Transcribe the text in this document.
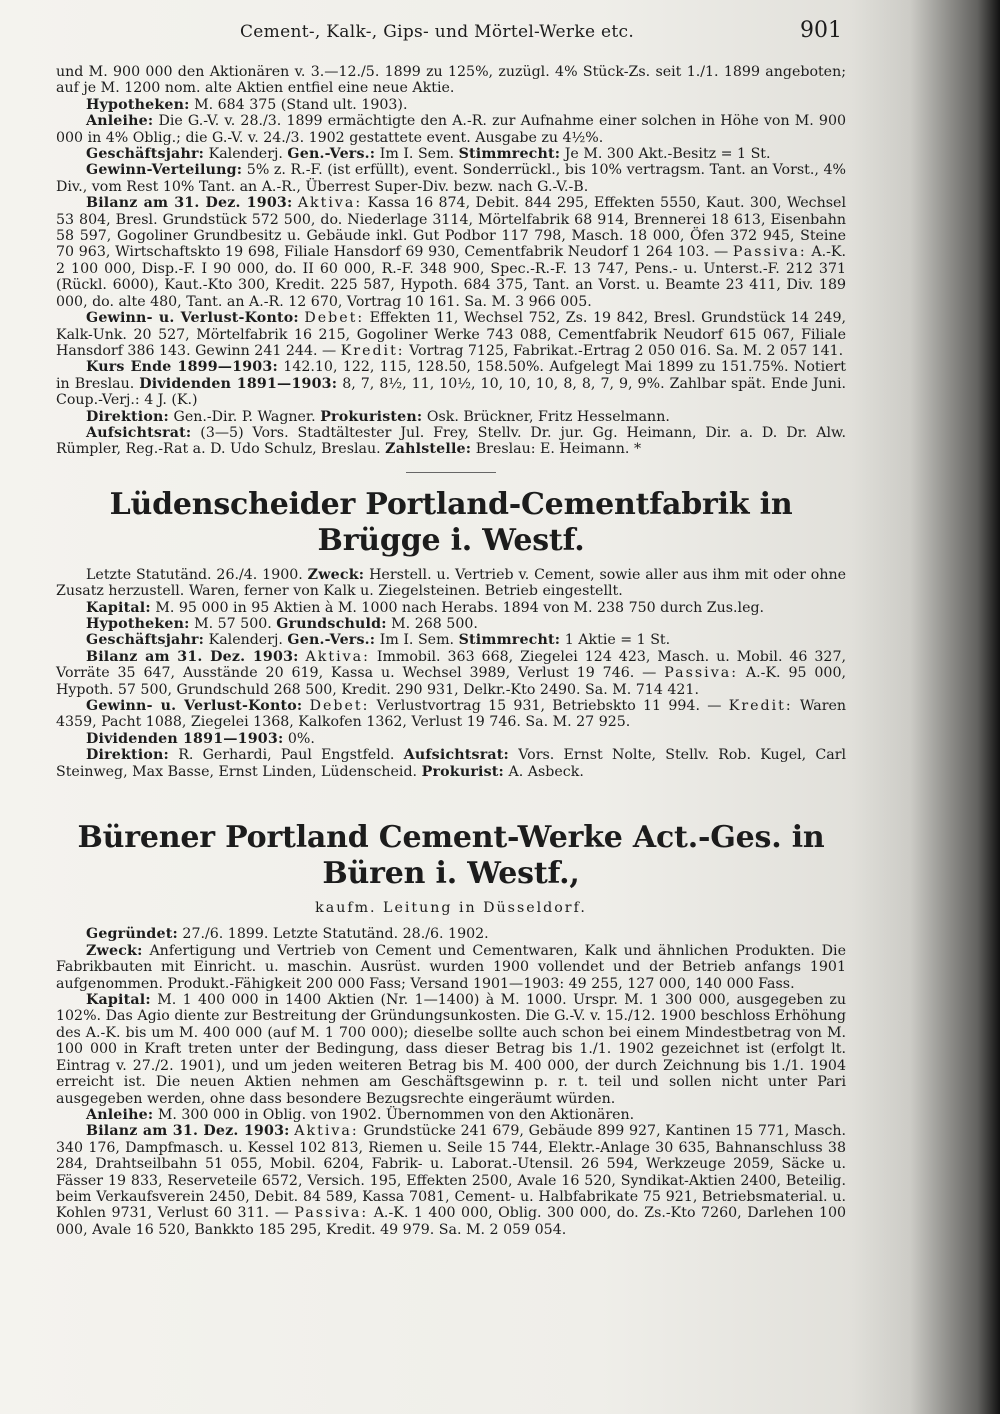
Cement-, Kalk-, Gips- und Mörtel-Werke etc.	901

und M. 900 000 den Aktionären v. 3.—12./5. 1899 zu 125%, zuzügl. 4% Stück-Zs. seit 1./1. 1899 angeboten; auf je M. 1200 nom. alte Aktien entfiel eine neue Aktie.

Hypotheken: M. 684 375 (Stand ult. 1903).

Anleihe: Die G.-V. v. 28./3. 1899 ermächtigte den A.-R. zur Aufnahme einer solchen in Höhe von M. 900 000 in 4% Oblig.; die G.-V. v. 24./3. 1902 gestattete event. Ausgabe zu 4½%.

Geschäftsjahr: Kalenderj. Gen.-Vers.: Im I. Sem. Stimmrecht: Je M. 300 Akt.-Besitz = 1 St.

Gewinn-Verteilung: 5% z. R.-F. (ist erfüllt), event. Sonderrückl., bis 10% vertragsm. Tant. an Vorst., 4% Div., vom Rest 10% Tant. an A.-R., Überrest Super-Div. bezw. nach G.-V.-B.

Bilanz am 31. Dez. 1903: Aktiva: Kassa 16 874, Debit. 844 295, Effekten 5550, Kaut. 300, Wechsel 53 804, Bresl. Grundstück 572 500, do. Niederlage 3114, Mörtelfabrik 68 914, Brennerei 18 613, Eisenbahn 58 597, Gogoliner Grundbesitz u. Gebäude inkl. Gut Podbor 117 798, Masch. 18 000, Öfen 372 945, Steine 70 963, Wirtschaftskto 19 698, Filiale Hansdorf 69 930, Cementfabrik Neudorf 1 264 103. — Passiva: A.-K. 2 100 000, Disp.-F. I 90 000, do. II 60 000, R.-F. 348 900, Spec.-R.-F. 13 747, Pens.- u. Unterst.-F. 212 371 (Rückl. 6000), Kaut.-Kto 300, Kredit. 225 587, Hypoth. 684 375, Tant. an Vorst. u. Beamte 23 411, Div. 189 000, do. alte 480, Tant. an A.-R. 12 670, Vortrag 10 161. Sa. M. 3 966 005.

Gewinn- u. Verlust-Konto: Debet: Effekten 11, Wechsel 752, Zs. 19 842, Bresl. Grundstück 14 249, Kalk-Unk. 20 527, Mörtelfabrik 16 215, Gogoliner Werke 743 088, Cementfabrik Neudorf 615 067, Filiale Hansdorf 386 143. Gewinn 241 244. — Kredit: Vortrag 7125, Fabrikat.-Ertrag 2 050 016. Sa. M. 2 057 141.

Kurs Ende 1899—1903: 142.10, 122, 115, 128.50, 158.50%. Aufgelegt Mai 1899 zu 151.75%. Notiert in Breslau. Dividenden 1891—1903: 8, 7, 8½, 11, 10½, 10, 10, 10, 8, 8, 7, 9, 9%. Zahlbar spät. Ende Juni. Coup.-Verj.: 4 J. (K.)

Direktion: Gen.-Dir. P. Wagner. Prokuristen: Osk. Brückner, Fritz Hesselmann.

Aufsichtsrat: (3—5) Vors. Stadtältester Jul. Frey, Stellv. Dr. jur. Gg. Heimann, Dir. a. D. Dr. Alw. Rümpler, Reg.-Rat a. D. Udo Schulz, Breslau. Zahlstelle: Breslau: E. Heimann. *

Lüdenscheider Portland-Cementfabrik in Brügge i. Westf.

Letzte Statutänd. 26./4. 1900. Zweck: Herstell. u. Vertrieb v. Cement, sowie aller aus ihm mit oder ohne Zusatz herzustell. Waren, ferner von Kalk u. Ziegelsteinen. Betrieb eingestellt.

Kapital: M. 95 000 in 95 Aktien à M. 1000 nach Herabs. 1894 von M. 238 750 durch Zus.leg.

Hypotheken: M. 57 500. Grundschuld: M. 268 500.

Geschäftsjahr: Kalenderj. Gen.-Vers.: Im I. Sem. Stimmrecht: 1 Aktie = 1 St.

Bilanz am 31. Dez. 1903: Aktiva: Immobil. 363 668, Ziegelei 124 423, Masch. u. Mobil. 46 327, Vorräte 35 647, Ausstände 20 619, Kassa u. Wechsel 3989, Verlust 19 746. — Passiva: A.-K. 95 000, Hypoth. 57 500, Grundschuld 268 500, Kredit. 290 931, Delkr.-Kto 2490. Sa. M. 714 421.

Gewinn- u. Verlust-Konto: Debet: Verlustvortrag 15 931, Betriebskto 11 994. — Kredit: Waren 4359, Pacht 1088, Ziegelei 1368, Kalkofen 1362, Verlust 19 746. Sa. M. 27 925.

Dividenden 1891—1903: 0%.

Direktion: R. Gerhardi, Paul Engstfeld. Aufsichtsrat: Vors. Ernst Nolte, Stellv. Rob. Kugel, Carl Steinweg, Max Basse, Ernst Linden, Lüdenscheid. Prokurist: A. Asbeck.

Bürener Portland Cement-Werke Act.-Ges. in Büren i. Westf.,
kaufm. Leitung in Düsseldorf.

Gegründet: 27./6. 1899. Letzte Statutänd. 28./6. 1902.

Zweck: Anfertigung und Vertrieb von Cement und Cementwaren, Kalk und ähnlichen Produkten. Die Fabrikbauten mit Einricht. u. maschin. Ausrüst. wurden 1900 vollendet und der Betrieb anfangs 1901 aufgenommen. Produkt.-Fähigkeit 200 000 Fass; Versand 1901—1903: 49 255, 127 000, 140 000 Fass.

Kapital: M. 1 400 000 in 1400 Aktien (Nr. 1—1400) à M. 1000. Urspr. M. 1 300 000, ausgegeben zu 102%. Das Agio diente zur Bestreitung der Gründungsunkosten. Die G.-V. v. 15./12. 1900 beschloss Erhöhung des A.-K. bis um M. 400 000 (auf M. 1 700 000); dieselbe sollte auch schon bei einem Mindestbetrag von M. 100 000 in Kraft treten unter der Bedingung, dass dieser Betrag bis 1./1. 1902 gezeichnet ist (erfolgt lt. Eintrag v. 27./2. 1901), und um jeden weiteren Betrag bis M. 400 000, der durch Zeichnung bis 1./1. 1904 erreicht ist. Die neuen Aktien nehmen am Geschäftsgewinn p. r. t. teil und sollen nicht unter Pari ausgegeben werden, ohne dass besondere Bezugsrechte eingeräumt würden.

Anleihe: M. 300 000 in Oblig. von 1902. Übernommen von den Aktionären.

Bilanz am 31. Dez. 1903: Aktiva: Grundstücke 241 679, Gebäude 899 927, Kantinen 15 771, Masch. 340 176, Dampfmasch. u. Kessel 102 813, Riemen u. Seile 15 744, Elektr.-Anlage 30 635, Bahnanschluss 38 284, Drahtseilbahn 51 055, Mobil. 6204, Fabrik- u. Laborat.-Utensil. 26 594, Werkzeuge 2059, Säcke u. Fässer 19 833, Reserveteile 6572, Versich. 195, Effekten 2500, Avale 16 520, Syndikat-Aktien 2400, Beteilig. beim Verkaufsverein 2450, Debit. 84 589, Kassa 7081, Cement- u. Halbfabrikate 75 921, Betriebsmaterial. u. Kohlen 9731, Verlust 60 311. — Passiva: A.-K. 1 400 000, Oblig. 300 000, do. Zs.-Kto 7260, Darlehen 100 000, Avale 16 520, Bankkto 185 295, Kredit. 49 979. Sa. M. 2 059 054.
